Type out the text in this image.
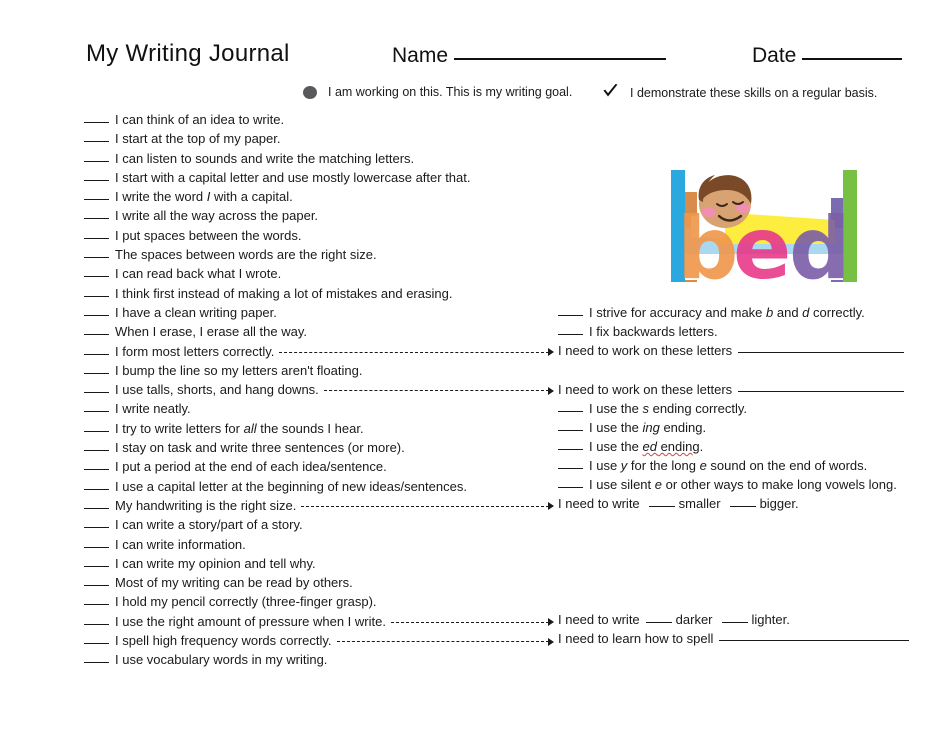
My Writing Journal	Name	Date
I am working on this. This is my writing goal.	I demonstrate these skills on a regular basis.
I can think of an idea to write.
I start at the top of my paper.
I can listen to sounds and write the matching letters.
I start with a capital letter and use mostly lowercase after that.
I write the word I with a capital.
I write all the way across the paper.
I put spaces between the words.
The spaces between words are the right size.
I can read back what I wrote.
I think first instead of making a lot of mistakes and erasing.
I have a clean writing paper.
When I erase, I erase all the way.
I form most letters correctly.
I bump the line so my letters aren't floating.
I use talls, shorts, and hang downs.
I write neatly.
I try to write letters for all the sounds I hear.
I stay on task and write three sentences (or more).
I put a period at the end of each idea/sentence.
I use a capital letter at the beginning of new ideas/sentences.
My handwriting is the right size.
I can write a story/part of a story.
I can write information.
I can write my opinion and tell why.
Most of my writing can be read by others.
I hold my pencil correctly (three-finger grasp).
I use the right amount of pressure when I write.
I spell high frequency words correctly.
I use vocabulary words in my writing.
b
e
d
I strive for accuracy and make b and d correctly.
I fix backwards letters.
I need to work on these letters
I need to work on these letters
I use the s ending correctly.
I use the ing ending.
I use the ed ending.
I use y for the long e sound on the end of words.
I use silent e or other ways to make long vowels long.
I need to write	smaller	bigger.
I need to write	darker	lighter.
I need to learn how to spell
